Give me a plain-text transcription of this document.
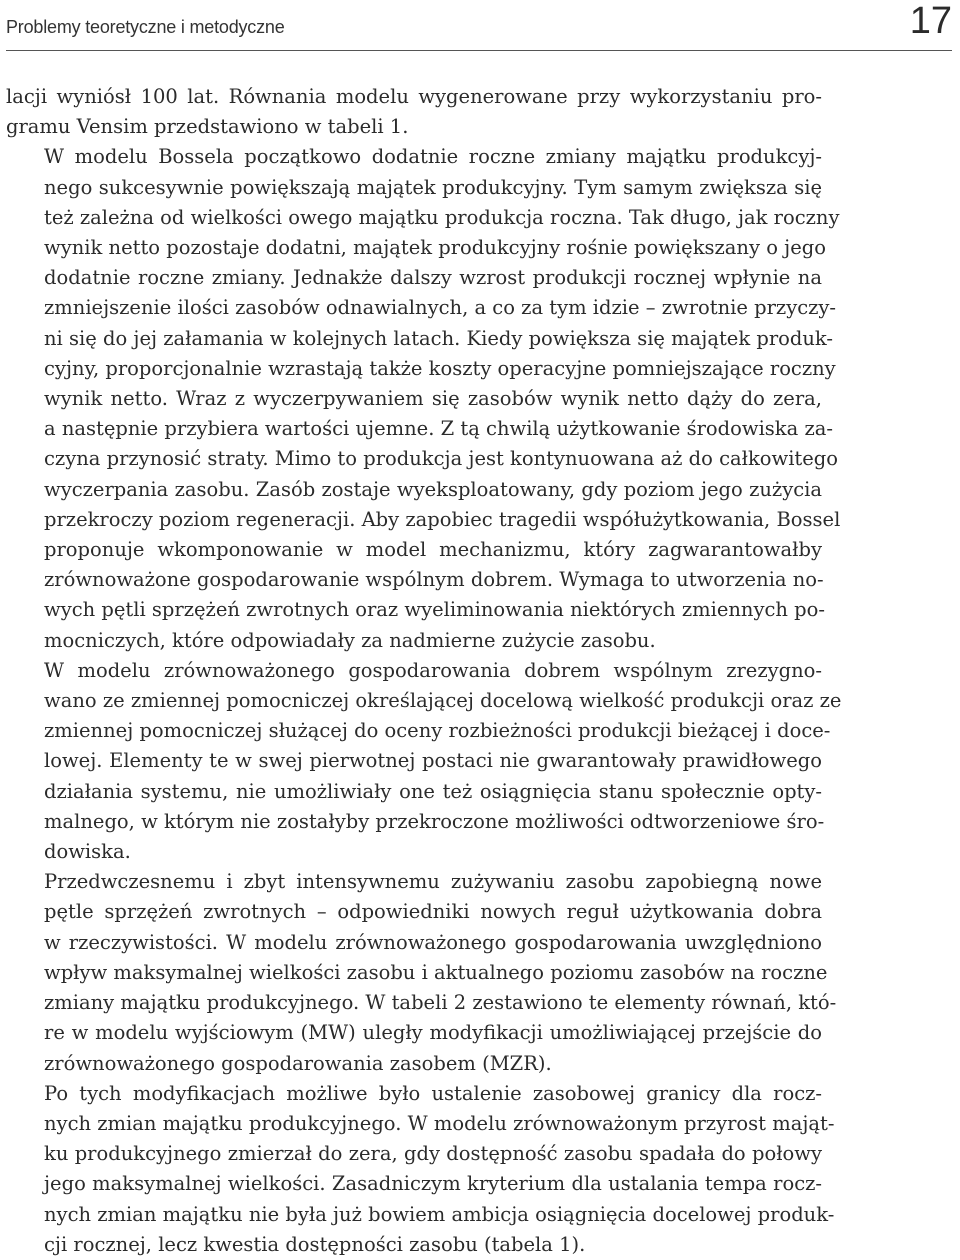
Problemy teoretyczne i metodyczne	17

lacji wyniósł 100 lat. Równania modelu wygenerowane przy wykorzystaniu pro-
gramu Vensim przedstawiono w tabeli 1.

W modelu Bossela początkowo dodatnie roczne zmiany majątku produkcyj-
nego sukcesywnie powiększają majątek produkcyjny. Tym samym zwiększa się
też zależna od wielkości owego majątku produkcja roczna. Tak długo, jak roczny
wynik netto pozostaje dodatni, majątek produkcyjny rośnie powiększany o jego
dodatnie roczne zmiany. Jednakże dalszy wzrost produkcji rocznej wpłynie na
zmniejszenie ilości zasobów odnawialnych, a co za tym idzie – zwrotnie przyczy-
ni się do jej załamania w kolejnych latach. Kiedy powiększa się majątek produk-
cyjny, proporcjonalnie wzrastają także koszty operacyjne pomniejszające roczny
wynik netto. Wraz z wyczerpywaniem się zasobów wynik netto dąży do zera,
a następnie przybiera wartości ujemne. Z tą chwilą użytkowanie środowiska za-
czyna przynosić straty. Mimo to produkcja jest kontynuowana aż do całkowitego
wyczerpania zasobu. Zasób zostaje wyeksploatowany, gdy poziom jego zużycia
przekroczy poziom regeneracji. Aby zapobiec tragedii współużytkowania, Bossel
proponuje wkomponowanie w model mechanizmu, który zagwarantowałby
zrównoważone gospodarowanie wspólnym dobrem. Wymaga to utworzenia no-
wych pętli sprzężeń zwrotnych oraz wyeliminowania niektórych zmiennych po-
mocniczych, które odpowiadały za nadmierne zużycie zasobu.

W modelu zrównoważonego gospodarowania dobrem wspólnym zrezygno-
wano ze zmiennej pomocniczej określającej docelową wielkość produkcji oraz ze
zmiennej pomocniczej służącej do oceny rozbieżności produkcji bieżącej i doce-
lowej. Elementy te w swej pierwotnej postaci nie gwarantowały prawidłowego
działania systemu, nie umożliwiały one też osiągnięcia stanu społecznie opty-
malnego, w którym nie zostałyby przekroczone możliwości odtworzeniowe śro-
dowiska.

Przedwczesnemu i zbyt intensywnemu zużywaniu zasobu zapobiegną nowe
pętle sprzężeń zwrotnych – odpowiedniki nowych reguł użytkowania dobra
w rzeczywistości. W modelu zrównoważonego gospodarowania uwzględniono
wpływ maksymalnej wielkości zasobu i aktualnego poziomu zasobów na roczne
zmiany majątku produkcyjnego. W tabeli 2 zestawiono te elementy równań, któ-
re w modelu wyjściowym (MW) uległy modyfikacji umożliwiającej przejście do
zrównoważonego gospodarowania zasobem (MZR).

Po tych modyfikacjach możliwe było ustalenie zasobowej granicy dla rocz-
nych zmian majątku produkcyjnego. W modelu zrównoważonym przyrost mająt-
ku produkcyjnego zmierzał do zera, gdy dostępność zasobu spadała do połowy
jego maksymalnej wielkości. Zasadniczym kryterium dla ustalania tempa rocz-
nych zmian majątku nie była już bowiem ambicja osiągnięcia docelowej produk-
cji rocznej, lecz kwestia dostępności zasobu (tabela 1).
